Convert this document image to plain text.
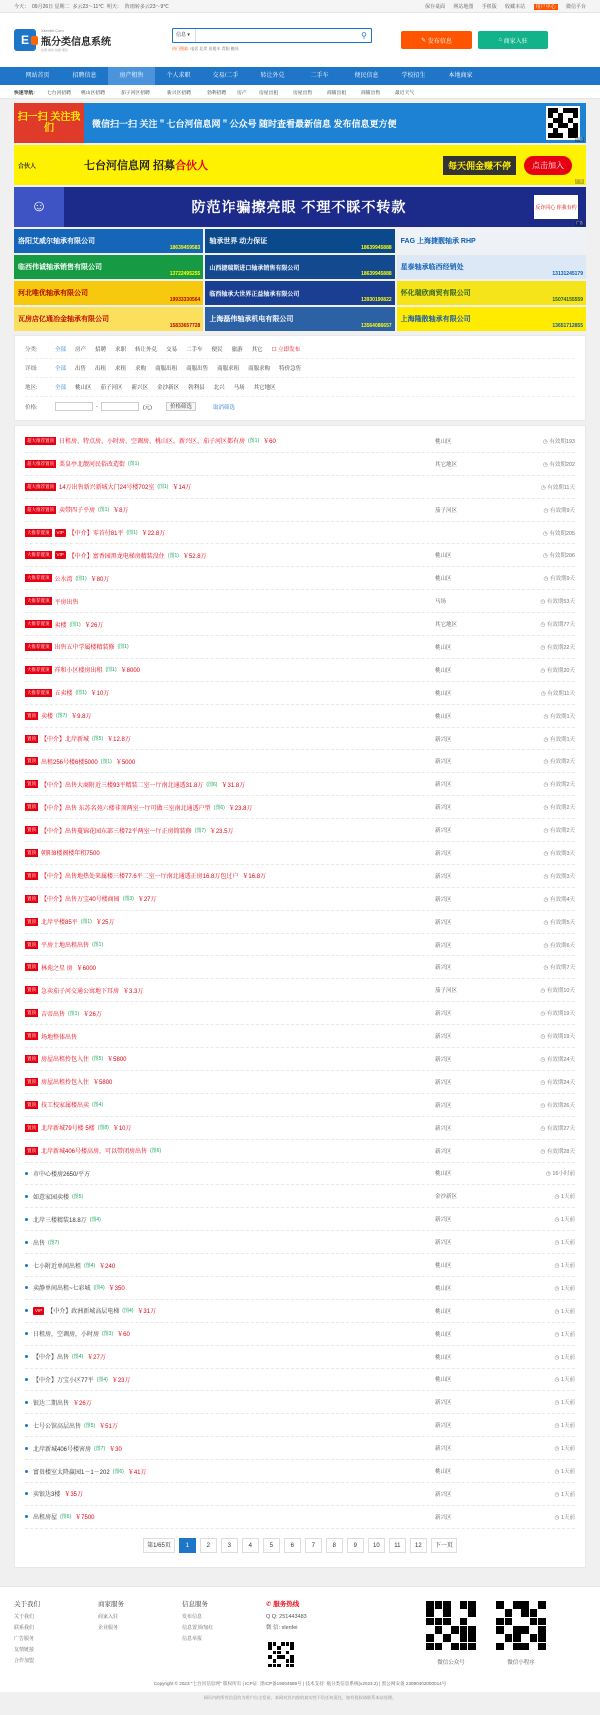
今天： 09月26日 星期二 多云23～11℃ 明天： 阵雨转多云23～9℃	保存桌面 网站地图 手机版 收藏本站 用户中心 微信平台
E
Xilenfei.Com
瓶分类信息系统
免费·真实·快捷·便民
信息 ▾	⚲
热门搜索: 电话 北岸 出租车 青阳 模具
✎ 发布信息	⌂ 商家入驻
网站首页	招聘信息	房产租售	个人求职	交易/二手	转让外兑	二手车	便民信息	学校招生	本地商家
快速导航:	七台河招聘	桃山区招聘	茄子河区招聘	新兴区招聘	勃利招聘	房产	房屋出租	房屋出售	商铺出租	商铺出售	最近天气
扫一扫 关注我们	微信扫一扫 关注＂七台河信息网＂公众号 随时查看最新信息 发布信息更方便
广告
合伙人	七台河信息网 招募合伙人	每天佣金赚不停	点击加入
广告
☺	防范诈骗擦亮眼 不理不睬不转款	反诈同心 你我有约
广告
洛阳艾威尔轴承有限公司
18639459583
轴承世界 动力保证
18639945888
FAG 上海捷靓轴承 RHP
临西伟诚轴承销售有限公司
13722495255
山西捷瑞斯进口轴承销售有限公司
18639945888
星泰轴承临西经销处
13131245179
河北唯优轴承有限公司
19933330564
临西轴承大世界正益轴承有限公司
13930190822
怀化瑞欣商贸有限公司
15074155559
瓦房店亿通冶金轴承有限公司
15833657728
上海磊伟轴承机电有限公司
13564086657
上海隆散轴承有限公司
13651712855
分类:	全部 房产 招聘 求职 转让外兑 交易 二手车 便民 旅游 其它 ☐ 立即发布
详细:	全部 出售 出租 求租 求购 商服出租 商服出售 商服求租 商服求购 特价急售
地区:	全部 桃山区 茄子河区 新兴区 金沙新区 勃利县 北兴 马场 其它地区
价格:	-	(元)	价格筛选	取消筛选
超大推荐置顶 日租房、特点房、小时房、空调房、桃山区，新兴区、茄子河区都有房 (图1) ￥60	桃山区	◷ 有效期193
超大推荐置顶 栗皇亭北靓河民俗改造街 (图1)	其它地区	◷ 有效期202
超大推荐置顶 14万出售新兴新城大门24号楼702室 (图1) ￥14万	◷ 有效期11天
超大推荐置顶 卖带四子平房 (图1) ￥8万	茄子河区	◷ 有效期9天
大推荐置顶	VIP 【中介】零首付81平 (图1) ￥22.8万	◷ 有效期205
大推荐置顶	VIP 【中介】富香园黑龙电梯房精装没住 (图1) ￥52.8万	桃山区	◷ 有效期206
大推荐置顶 公水湾 (图1) ￥80万	桃山区	◷ 有效期9天
大推荐置顶 平房出售	马场	◷ 有效期53天
大推荐置顶 卖楼 (图1) ￥26万	其它地区	◷ 有效期77天
大推荐置顶 出售五中学属楼精装修 (图1)	桃山区	◷ 有效期22天
大推荐置顶 祥和小区楼房出租 (图1) ￥8000	桃山区	◷ 有效期20天
大推荐置顶 五卖楼 (图1) ￥10万	桃山区	◷ 有效期11天
置顶 卖楼 (图7) ￥9.8万	桃山区	◷ 有效期1天
置顶 【中介】北岸新城 (图5) ￥12.8万	新兴区	◷ 有效期1天
置顶 出租256号楼6楼5000 (图1) ￥5000	新兴区	◷ 有效期2天
置顶 【中介】出售大商附近三楼93平精装二室一厅南北通透31.8万 (图6) ￥31.8万	新兴区	◷ 有效期2天
置顶 【中介】出售 东苏名苑六楼非顶两室一厅可做三室南北通透户型 (图6) ￥23.8万	新兴区	◷ 有效期2天
置顶 【中介】出售蔓锦花园东部三楼72平两室一厅正房简装修 (图7) ￥23.5万	新兴区	◷ 有效期2天
置顶 朝阳8楼阁楼年租7500	新兴区	◷ 有效期3天
置顶 【中介】出售地热处来属楼三楼77.6平二室一厅南北通透正房16.8万包过户 ￥16.8万	新兴区	◷ 有效期3天
置顶 【中介】出售万宝40号楼商园 (图3) ￥27万	新兴区	◷ 有效期4天
置顶 北岸平楼85平 (图1) ￥25万	新兴区	◷ 有效期5天
置顶 平房土地出租出售 (图1)	新兴区	◷ 有效期6天
置顶 林苑之星 房 ￥6000	新兴区	◷ 有效期7天
置顶 急卖茄子河交通公寓地下耳房 ￥3.3万	茄子河区	◷ 有效期10天
置顶 吉帝出售 (图1) ￥26万	新兴区	◷ 有效期19天
置顶 场地整体出售	新兴区	◷ 有效期19天
置顶 房屋出租拎包入住 (图5) ￥5800	新兴区	◷ 有效期24天
置顶 房屋出租拎包入住 ￥5800	新兴区	◷ 有效期24天
置顶 技工校家属楼出卖 (图4)	新兴区	◷ 有效期26天
置顶 北岸新城79号楼 5楼 (图8) ￥10万	新兴区	◷ 有效期27天
置顶 北岸新城406号楼高房，可以带闭房出售 (图6)	新兴区	◷ 有效期28天
市中心楼房2650/平方	桃山区	◷ 16小时前
如意家园卖楼 (图5)	金沙新区	◷ 1天前
北岸三楼精装18.8万 (图4)	新兴区	◷ 1天前
出售 (图7)	新兴区	◷ 1天前
七小附近单间出租 (图4) ￥240	桃山区	◷ 1天前
卖静单间出租~七彩城 (图4) ￥350	桃山区	◷ 1天前
VIP 【中介】政洲新城高层电梯 (图4) ￥31万	桃山区	◷ 1天前
日租房，空调房，小时房 (图3) ￥60	桃山区	◷ 1天前
【中介】出售 (图4) ￥27万	桃山区	◷ 1天前
【中介】万宝小区77平 (图4) ￥23万	桃山区	◷ 1天前
银达二期出售 ￥26万	新兴区	◷ 1天前
七号公馆高层出售 (图5) ￥51万	新兴区	◷ 1天前
北岸新城406号楼害房 (图7) ￥30	新兴区	◷ 1天前
富贵楼室太降赢园1－1－202 (图6) ￥41万	桃山区	◷ 1天前
卖银达3楼 ￥35万	新兴区	◷ 1天前
出租房屋 (图6) ￥7500	新兴区	◷ 1天前
第1/65页	1	2	3	4	5	6	7	8	9	10	11	12	下一页
关于我们

关于我们

联系我们

广告服务

友情链接

合作加盟

商家服务

商家入驻

企业服务

信息服务

发布信息

信息置顶/加红

信息举报

✆ 服务热线

Q Q: 251443483

微 信: xlenfei

微信公众号	微信小程序
Copyright © 2023 "七台河信息网" 版权所有 | ICP证: 黑ICP备19004589号 | 技术支持: 瓶分类信息系统(v2023.2) | 黑公网安备 23090402000014号
网页内的所有信息均为用户自主发布，本网对其内容的真实性不负任何责任，如有侵权请联系本站处理。
